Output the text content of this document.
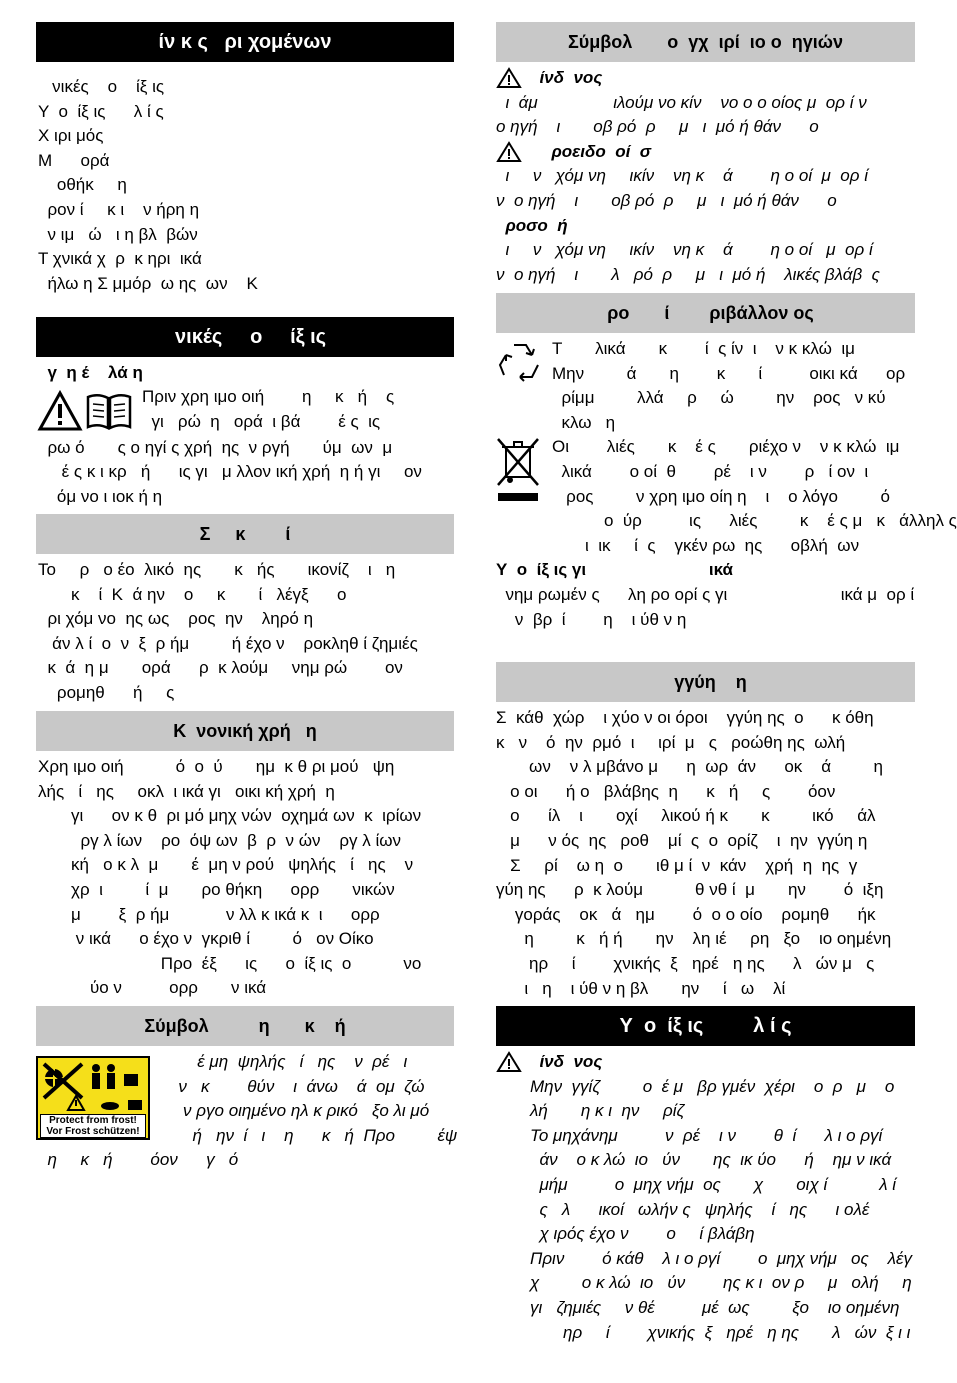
ίν κ ς   ρι χομένων
νικές    ο    ίξ ις
Υ  ο  ίξ ις      λ ί ς
Χ ιρι μός
Μ      ορά
οθήκ     η
ρον ί     κ ι    ν ήρη η
ν ιμ   ώ   ι η βλ  βών
Τ χνικά χ  ρ  κ ηρι  ικά
ήλω η Σ μμόρ  ω ης  ων    Κ
νικές     ο     ίξ ις
γ  η έ    λά η
Πριν χρη ιμο οιή        η     κ   ή    ς
γι   ρώ  η   ορά  ι βά        έ ς  ις
ρω ό       ς ο ηγί ς χρή  ης  ν ργή       ύμ  ων  μ
έ ς κ ι κρ   ή      ις γι   μ λλον ική χρή  η ή γι     ον
όμ νο ι ιοκ ή η
Σ     κ        ί
Το     ρ   ο έο  λικό  ης       κ   ής       ικονίζ    ι   η
κ    ί  Κ  ά ην    ο     κ       ί   λέγξ      ο
ρι χόμ νο  ης ως    ρος  ην    ληρό η
άν λ ί  ο  ν  ξ  ρ ήμ         ή έχο ν    ροκληθ ί ζημιές
κ  ά  η μ       ορά      ρ  κ λούμ     νημ ρώ        ον
ρομηθ      ή     ς
Κ  νονική χρή   η
Χρη ιμο οιή           ό  ο  ύ       ημ  κ θ ρι μού   ψη
λής   ί   ης     οκλ  ι ικά γι   οικι κή χρή  η
γι      ον κ θ  ρι μό μηχ νών  οχημά ων  κ  ιρίων
ργ λ ίων    ρο  όψ ων  β  ρ  ν ών    ργ λ ίων
κή   ο κ λ  μ       έ  μη ν ρού   ψηλής   ί   ης    ν
χρ  ι         ί  μ       ρο θήκη      ορρ       νικών
μ        ξ  ρ ήμ            ν λλ κ ικά κ  ι      ορρ
ν ικά      ο έχο ν  γκριθ ί         ό   ον Οίκο
Προ  έξ      ις      ο  ίξ ις  ο           νο
ύο ν          ορρ       ν ικά
Σύμβολ          η       κ    ή
Protect from frost!
Vor Frost schützen!
έ μη  ψηλής   ί   ης    ν  ρέ   ι
ν   κ        θύν    ι  άνω    ά  ομ  ζώ
ν ργο οιημένο ηλ κ ρικό   ξο λι μό
ή   ην  ί   ι    η      κ   ή  Προ         έψ
η     κ   ή        όον      γ   ό
Σύμβολ       ο  γχ  ιρί  ιο ο  ηγιών
ίνδ  νος
ι  άμ                ιλούμ νο κίν    νο ο ο οίος μ  ορ ί ν
ο ηγή    ι       οβ ρό  ρ     μ   ι  μό ή θάν      ο
ροειδο  οί  σ
ι     ν   χόμ νη     ικίν    νη κ    ά        η ο οί  μ  ορ ί
ν  ο ηγή    ι       οβ ρό  ρ     μ   ι  μό ή θάν      ο
ροσο  ή
ι     ν   χόμ νη     ικίν    νη κ    ά        η ο οί   μ  ορ ί
ν  ο ηγή    ι       λ   ρό  ρ     μ   ι  μό ή    λικές βλάβ  ς
ρο       ί        ριβάλλον ος
Τ       λικά       κ        ί  ς ίν  ι    ν κ κλώ  ιμ
Μην         ά       η        κ       ί          οικι κά      ορ
ρίμμ         λλά     ρ     ώ         ην    ρος   ν κύ
κλω   η
Οι        λιές       κ    έ ς       ριέχο ν    ν κ κλώ  ιμ
λικά        ο οί  θ        ρέ    ι ν        ρ   ί ον  ι
ρος         ν χρη ιμο οίη η    ι    ο λόγο         ό
ο  ύρ          ις      λιές         κ    έ ς μ   κ   άλληλ ς
ι  ικ     ί  ς    γκέν ρω  ης      οβλή  ων
Υ  ο  ίξ ις γι                          ικά
νημ ρωμέν ς      λη ρο ορί ς γι                        ικά μ  ορ ί
ν  βρ  ί        η    ι ύθ ν η
γγύη    η
Σ  κάθ  χώρ    ι χύο ν οι όροι    γγύη ης  ο      κ όθη
κ   ν    ό  ην  ρμό  ι     ιρί  μ   ς   ροώθη ης  ωλή
ων    ν λ μβάνο μ      η  ωρ  άν      οκ    ά         η
ο οι      ή ο   βλάβης  η      κ   ή     ς        όον
ο      ίλ    ι       οχί     λικού ή κ       κ         ικό     άλ
μ      ν ός  ης   ροθ    μί  ς  ο  ορίζ    ι  ην  γγύη η
Σ     ρί    ω η  ο       ιθ μ ί  ν  κάν    χρή  η  ης  γ
γύη ης      ρ  κ λούμ           θ νθ ί  μ       ην        ό  ιξη
γοράς    οκ   ά   ημ        ό  ο ο οίο    ρομηθ      ήκ
η         κ   ή ή       ην    λη ιέ     ρη   ξο    ιο οημένη
ηρ     ί        χνικής  ξ   ηρέ   η ης      λ   ών μ   ς
ι   η    ι ύθ ν η βλ       ην     ί   ω    λί
Υ  ο  ίξ ις         λ ί ς
ίνδ  νος
Μην  γγίζ         ο  έ μ   βρ γμέν  χέρι    ο  ρ   μ    ο
λή       η κ ι  ην     ρίζ
Το μηχάνημ          ν  ρέ    ι ν        θ  ί      λ ι ο ργί
άν    ο κ λώ  ιο   ύν       ης  ικ ύο      ή    ημ ν ικά
μήμ          ο  μηχ νήμ  ος       χ       οιχ ί           λ ί
ς   λ      ικοί   ωλήν ς   ψηλής    ί   ης      ι ολέ
χ ιρός έχο ν        ο     ί βλάβη
Πριν        ό κάθ    λ ι ο ργί        ο  μηχ νήμ   ος    λέγ
χ         ο κ λώ  ιο   ύν        ης κ ι  ον ρ     μ   ολή     η
γι   ζημιές     ν θέ          μέ  ως         ξο    ιο οημένη
ηρ     ί        χνικής  ξ   ηρέ   η ης       λ   ών  ξ ι ι
